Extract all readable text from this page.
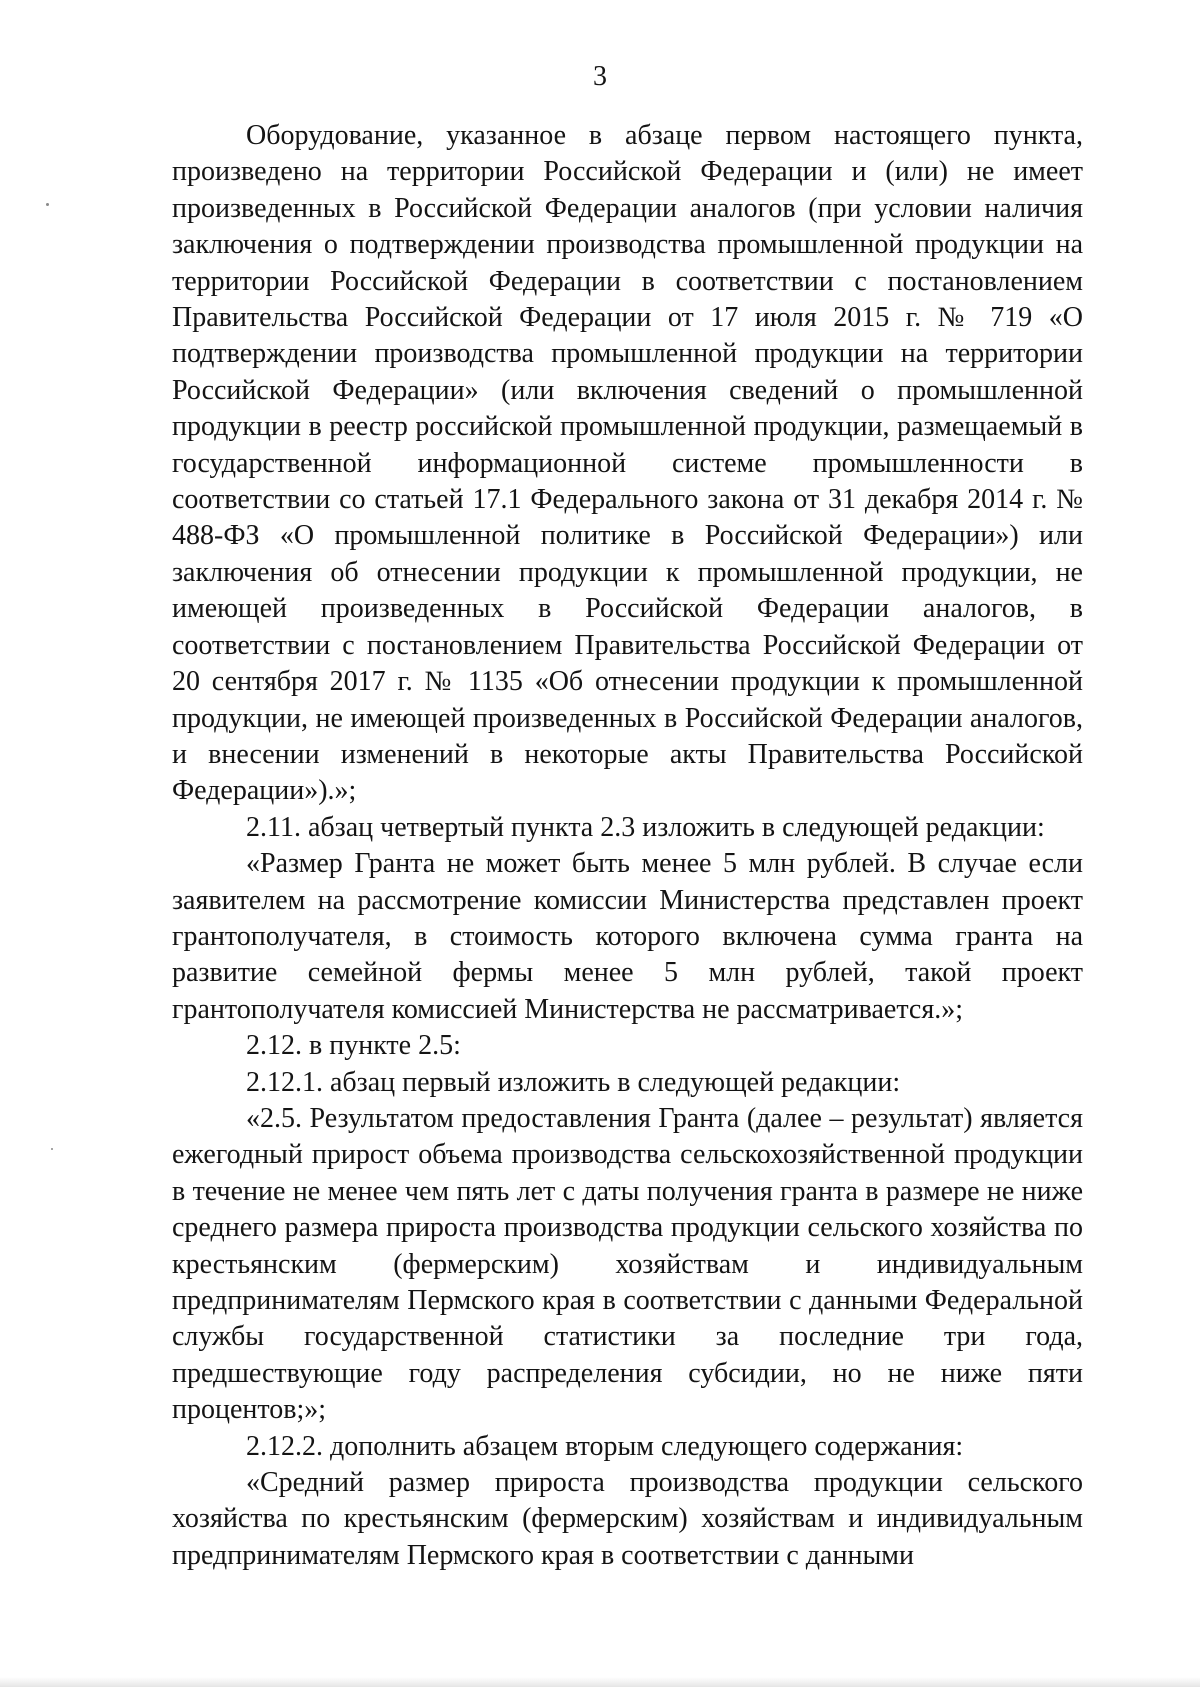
3

Оборудование, указанное в абзаце первом настоящего пункта, произведено на территории Российской Федерации и (или) не имеет произведенных в Российской Федерации аналогов (при условии наличия заключения о подтверждении производства промышленной продукции на территории Российской Федерации в соответствии с постановлением Правительства Российской Федерации от 17 июля 2015 г. № 719 «О подтверждении производства промышленной продукции на территории Российской Федерации» (или включения сведений о промышленной продукции в реестр российской промышленной продукции, размещаемый в государственной информационной системе промышленности в соответствии со статьей 17.1 Федерального закона от 31 декабря 2014 г. № 488-ФЗ «О промышленной политике в Российской Федерации») или заключения об отнесении продукции к промышленной продукции, не имеющей произведенных в Российской Федерации аналогов, в соответствии с постановлением Правительства Российской Федерации от 20 сентября 2017 г. № 1135 «Об отнесении продукции к промышленной продукции, не имеющей произведенных в Российской Федерации аналогов, и внесении изменений в некоторые акты Правительства Российской Федерации»).»;

2.11. абзац четвертый пункта 2.3 изложить в следующей редакции:

«Размер Гранта не может быть менее 5 млн рублей. В случае если заявителем на рассмотрение комиссии Министерства представлен проект грантополучателя, в стоимость которого включена сумма гранта на развитие семейной фермы менее 5 млн рублей, такой проект грантополучателя комиссией Министерства не рассматривается.»;

2.12. в пункте 2.5:

2.12.1. абзац первый изложить в следующей редакции:

«2.5. Результатом предоставления Гранта (далее – результат) является ежегодный прирост объема производства сельскохозяйственной продукции в течение не менее чем пять лет с даты получения гранта в размере не ниже среднего размера прироста производства продукции сельского хозяйства по крестьянским (фермерским) хозяйствам и индивидуальным предпринимателям Пермского края в соответствии с данными Федеральной службы государственной статистики за последние три года, предшествующие году распределения субсидии, но не ниже пяти процентов;»;

2.12.2. дополнить абзацем вторым следующего содержания:

«Средний размер прироста производства продукции сельского хозяйства по крестьянским (фермерским) хозяйствам и индивидуальным предпринимателям Пермского края в соответствии с данными
